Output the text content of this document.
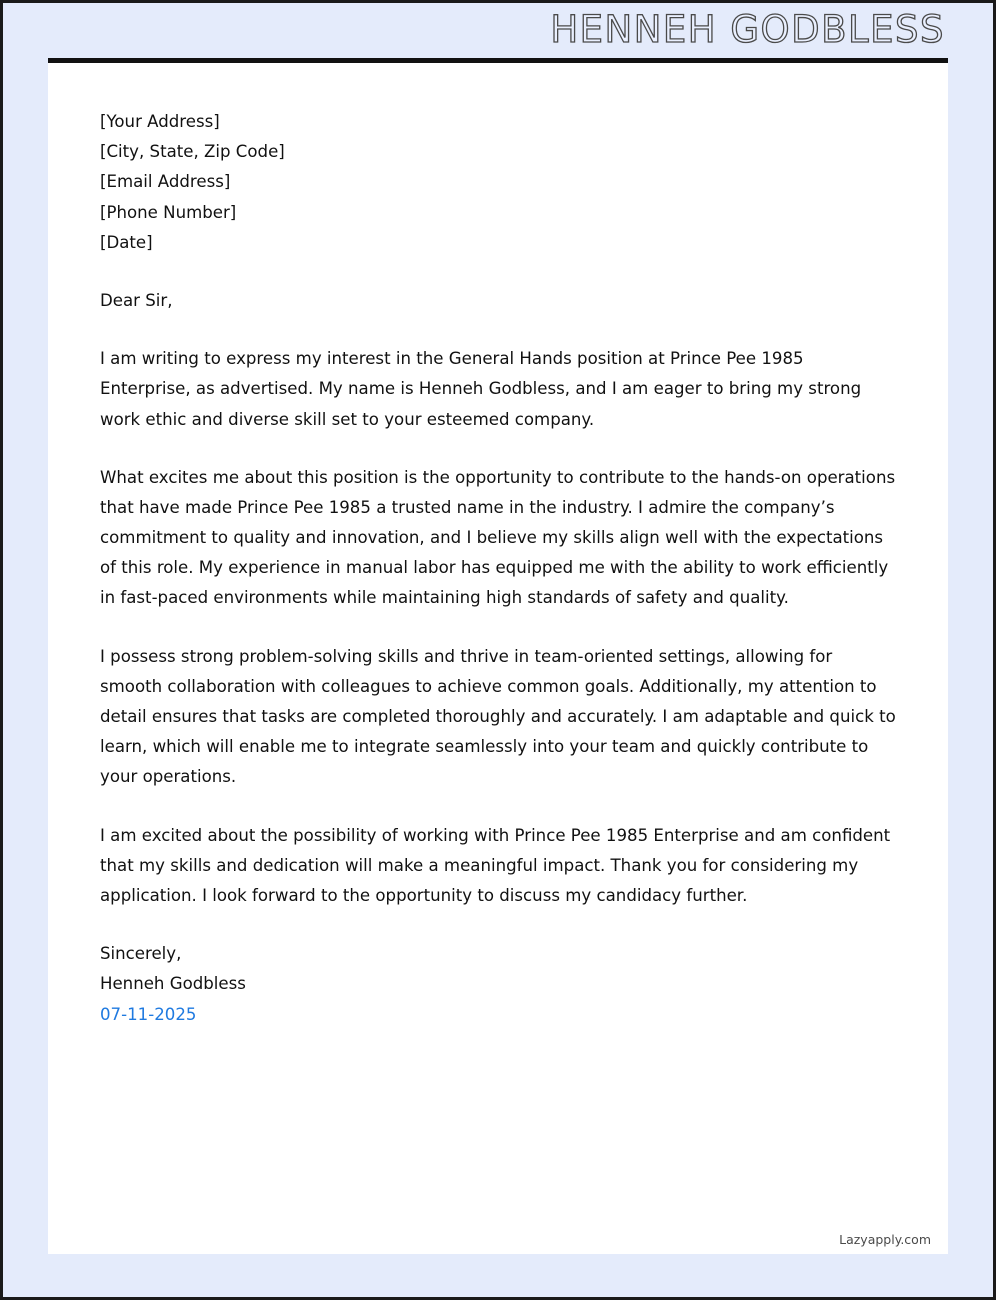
HENNEH GODBLESS
[Your Address]
[City, State, Zip Code]
[Email Address]
[Phone Number]
[Date]

Dear Sir,

I am writing to express my interest in the General Hands position at Prince Pee 1985 Enterprise, as advertised. My name is Henneh Godbless, and I am eager to bring my strong work ethic and diverse skill set to your esteemed company.

What excites me about this position is the opportunity to contribute to the hands-on operations that have made Prince Pee 1985 a trusted name in the industry. I admire the company’s commitment to quality and innovation, and I believe my skills align well with the expectations of this role. My experience in manual labor has equipped me with the ability to work efficiently in fast-paced environments while maintaining high standards of safety and quality.

I possess strong problem-solving skills and thrive in team-oriented settings, allowing for smooth collaboration with colleagues to achieve common goals. Additionally, my attention to detail ensures that tasks are completed thoroughly and accurately. I am adaptable and quick to learn, which will enable me to integrate seamlessly into your team and quickly contribute to your operations.

I am excited about the possibility of working with Prince Pee 1985 Enterprise and am confident that my skills and dedication will make a meaningful impact. Thank you for considering my application. I look forward to the opportunity to discuss my candidacy further.

Sincerely,

Henneh Godbless

07-11-2025

Lazyapply.com
